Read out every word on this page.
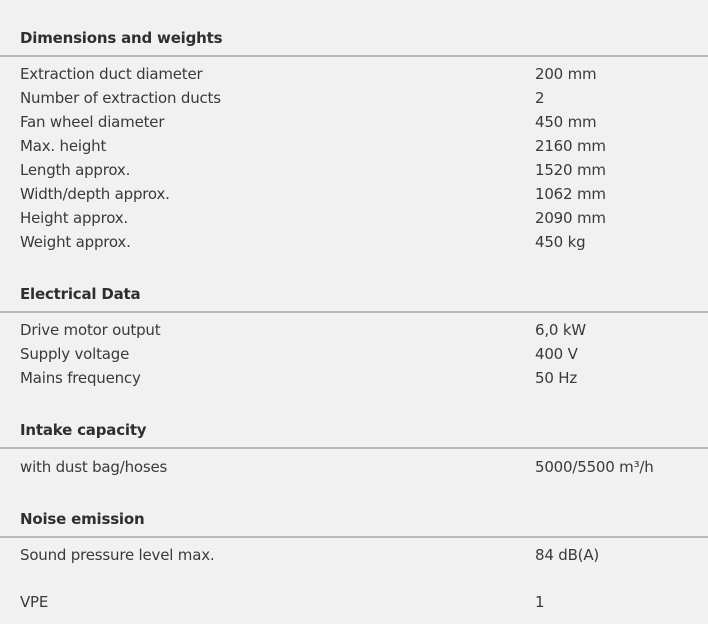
Dimensions and weights
Extraction duct diameter	200 mm
Number of extraction ducts	2
Fan wheel diameter	450 mm
Max. height	2160 mm
Length approx.	1520 mm
Width/depth approx.	1062 mm
Height approx.	2090 mm
Weight approx.	450 kg
Electrical Data
Drive motor output	6,0 kW
Supply voltage	400 V
Mains frequency	50 Hz
Intake capacity
with dust bag/hoses	5000/5500 m³/h
Noise emission
Sound pressure level max.	84 dB(A)
VPE	1
